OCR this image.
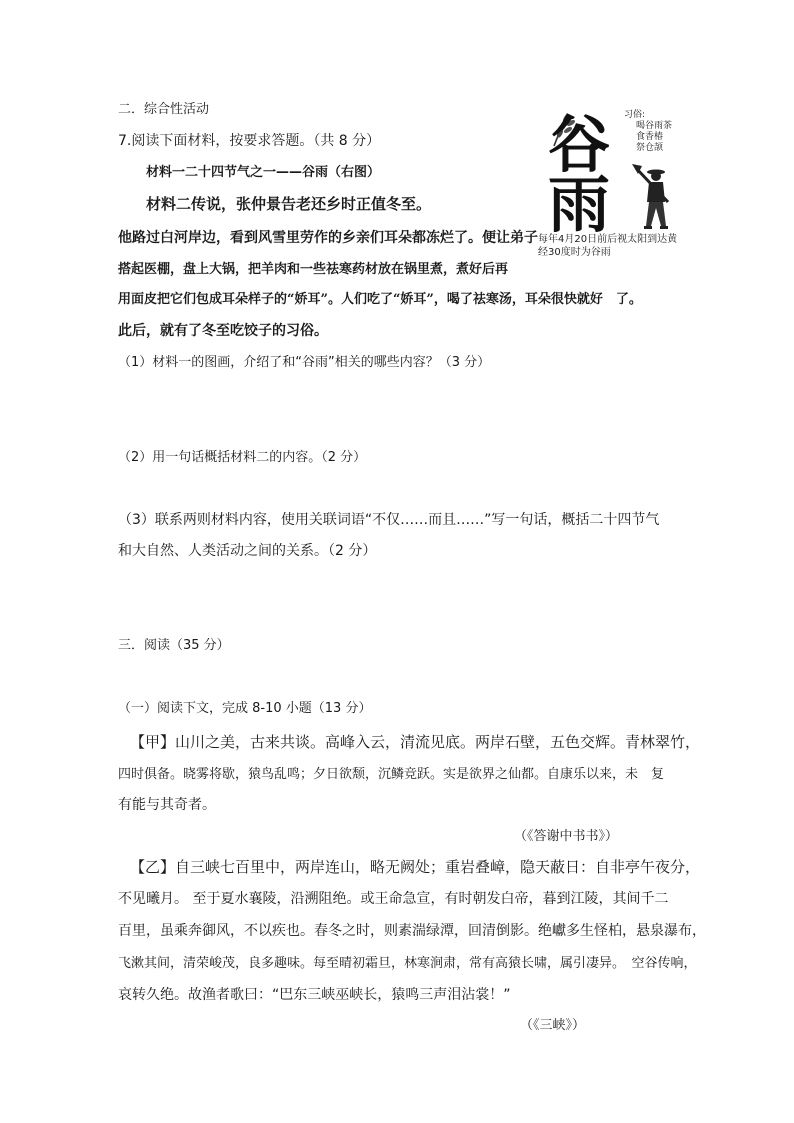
二．综合性活动
7.阅读下面材料，按要求答题。（共 8 分）
材料一二十四节气之一——谷雨（右图）
材料二传说，张仲景告老还乡时正值冬至。
他路过白河岸边，看到风雪里劳作的乡亲们耳朵都冻烂了。便让弟子
搭起医棚，盘上大锅，把羊肉和一些祛寒药材放在锅里煮，煮好后再
用面皮把它们包成耳朵样子的“娇耳”。人们吃了“娇耳”，喝了祛寒汤，耳朵很快就好　了。
此后，就有了冬至吃饺子的习俗。
（1）材料一的图画，介绍了和“谷雨”相关的哪些内容？（3 分）
（2）用一句话概括材料二的内容。（2 分）
（3）联系两则材料内容，使用关联词语“不仅……而且……”写一句话，概括二十四节气
和大自然、人类活动之间的关系。（2 分）
谷
雨
习俗:
喝谷雨茶
食香椿
祭仓颉
每年4月20日前后视太阳到达黄
经30度时为谷雨
三．阅读（35 分）
（一）阅读下文，完成 8-10 小题（13 分）
【甲】山川之美，古来共谈。高峰入云，清流见底。两岸石壁，五色交辉。青林翠竹，
四时俱备。晓雾将歇，猿鸟乱鸣；夕日欲颓，沉鳞竞跃。实是欲界之仙都。自康乐以来，未　复
有能与其奇者。
（《答谢中书书》）
【乙】自三峡七百里中，两岸连山，略无阙处；重岩叠嶂，隐天蔽日：自非亭午夜分，
不见曦月。 至于夏水襄陵，沿溯阻绝。或王命急宣，有时朝发白帝，暮到江陵，其间千二
百里，虽乘奔御风，不以疾也。春冬之时，则素湍绿潭，回清倒影。绝巘多生怪柏，悬泉瀑布，
飞漱其间，清荣峻茂，良多趣味。每至晴初霜旦，林寒涧肃，常有高猿长啸，属引凄异。　空谷传响，
哀转久绝。故渔者歌曰：“巴东三峡巫峡长，猿鸣三声泪沾裳！”
（《三峡》）
